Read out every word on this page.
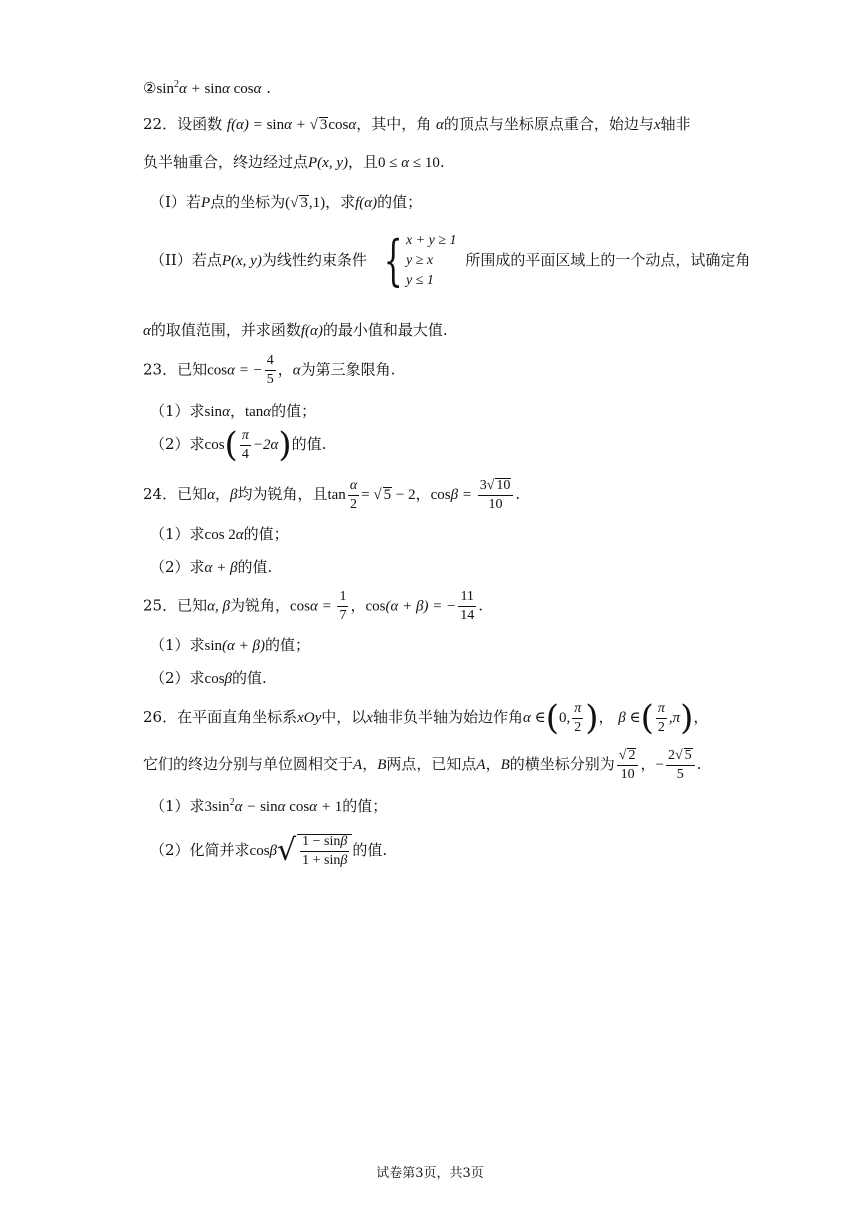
$②\sin^2\alpha + \sin\alpha$ cosα .
22．设函数 f(α) = sinα + √ 3cosα，其中，角 α的顶点与坐标原点重合，始边与x轴非
负半轴重合，终边经过点P(x, y)，且0 ≤ α ≤ 10.
（I）若P点的坐标为(√ 3,1)，求f(α)的值；
（II）若点P(x, y)为线性约束条件 { x + y ≥ 1
y ≥ x
y ≤ 1
所围成的平面区域上的一个动点，试确定角
α的取值范围，并求函数f(α)的最小值和最大值.
23．已知cosα = − $\frac{4}{5}$ ，α为第三象限角.
（1）求sinα，tanα的值；
（2）求$\cos( \frac{\pi}{4} -2\alpha)$的值.
24．已知α，β均为锐角，且$\tan \frac{\alpha}{2}$ = √ 5 − 2，$\cos\beta = \frac{3√ 10}{10}$ .
（1）求cos 2α的值；
（2）求α + β的值.
25．已知α, β为锐角，$\cos\alpha = \frac{1}{7}$ ，cos(α + β) = − $\frac{11}{14}$ .
（1）求sin(α + β)的值；
（2）求cosβ的值.
26．在平面直角坐标系xOy中，以x轴非负半轴为始边作角α ∈(0, $\frac{\pi}{2}$ )， β ∈( $\frac{\pi}{2} ,\pi$)，
它们的终边分别与单位圆相交于A，B两点，已知点A，B的横坐标分别为 $\frac{√ 2}{10}$ ，− $\frac{2√ 5}{5}$ .
（1）求$3\sin^2\alpha - \sin\alpha$ cosα + 1的值；
（2）化简并求$\cos\beta√ \frac{1 - \sin\beta}{1 + \sin\beta}$ 的值.
试卷第3页，共3页
